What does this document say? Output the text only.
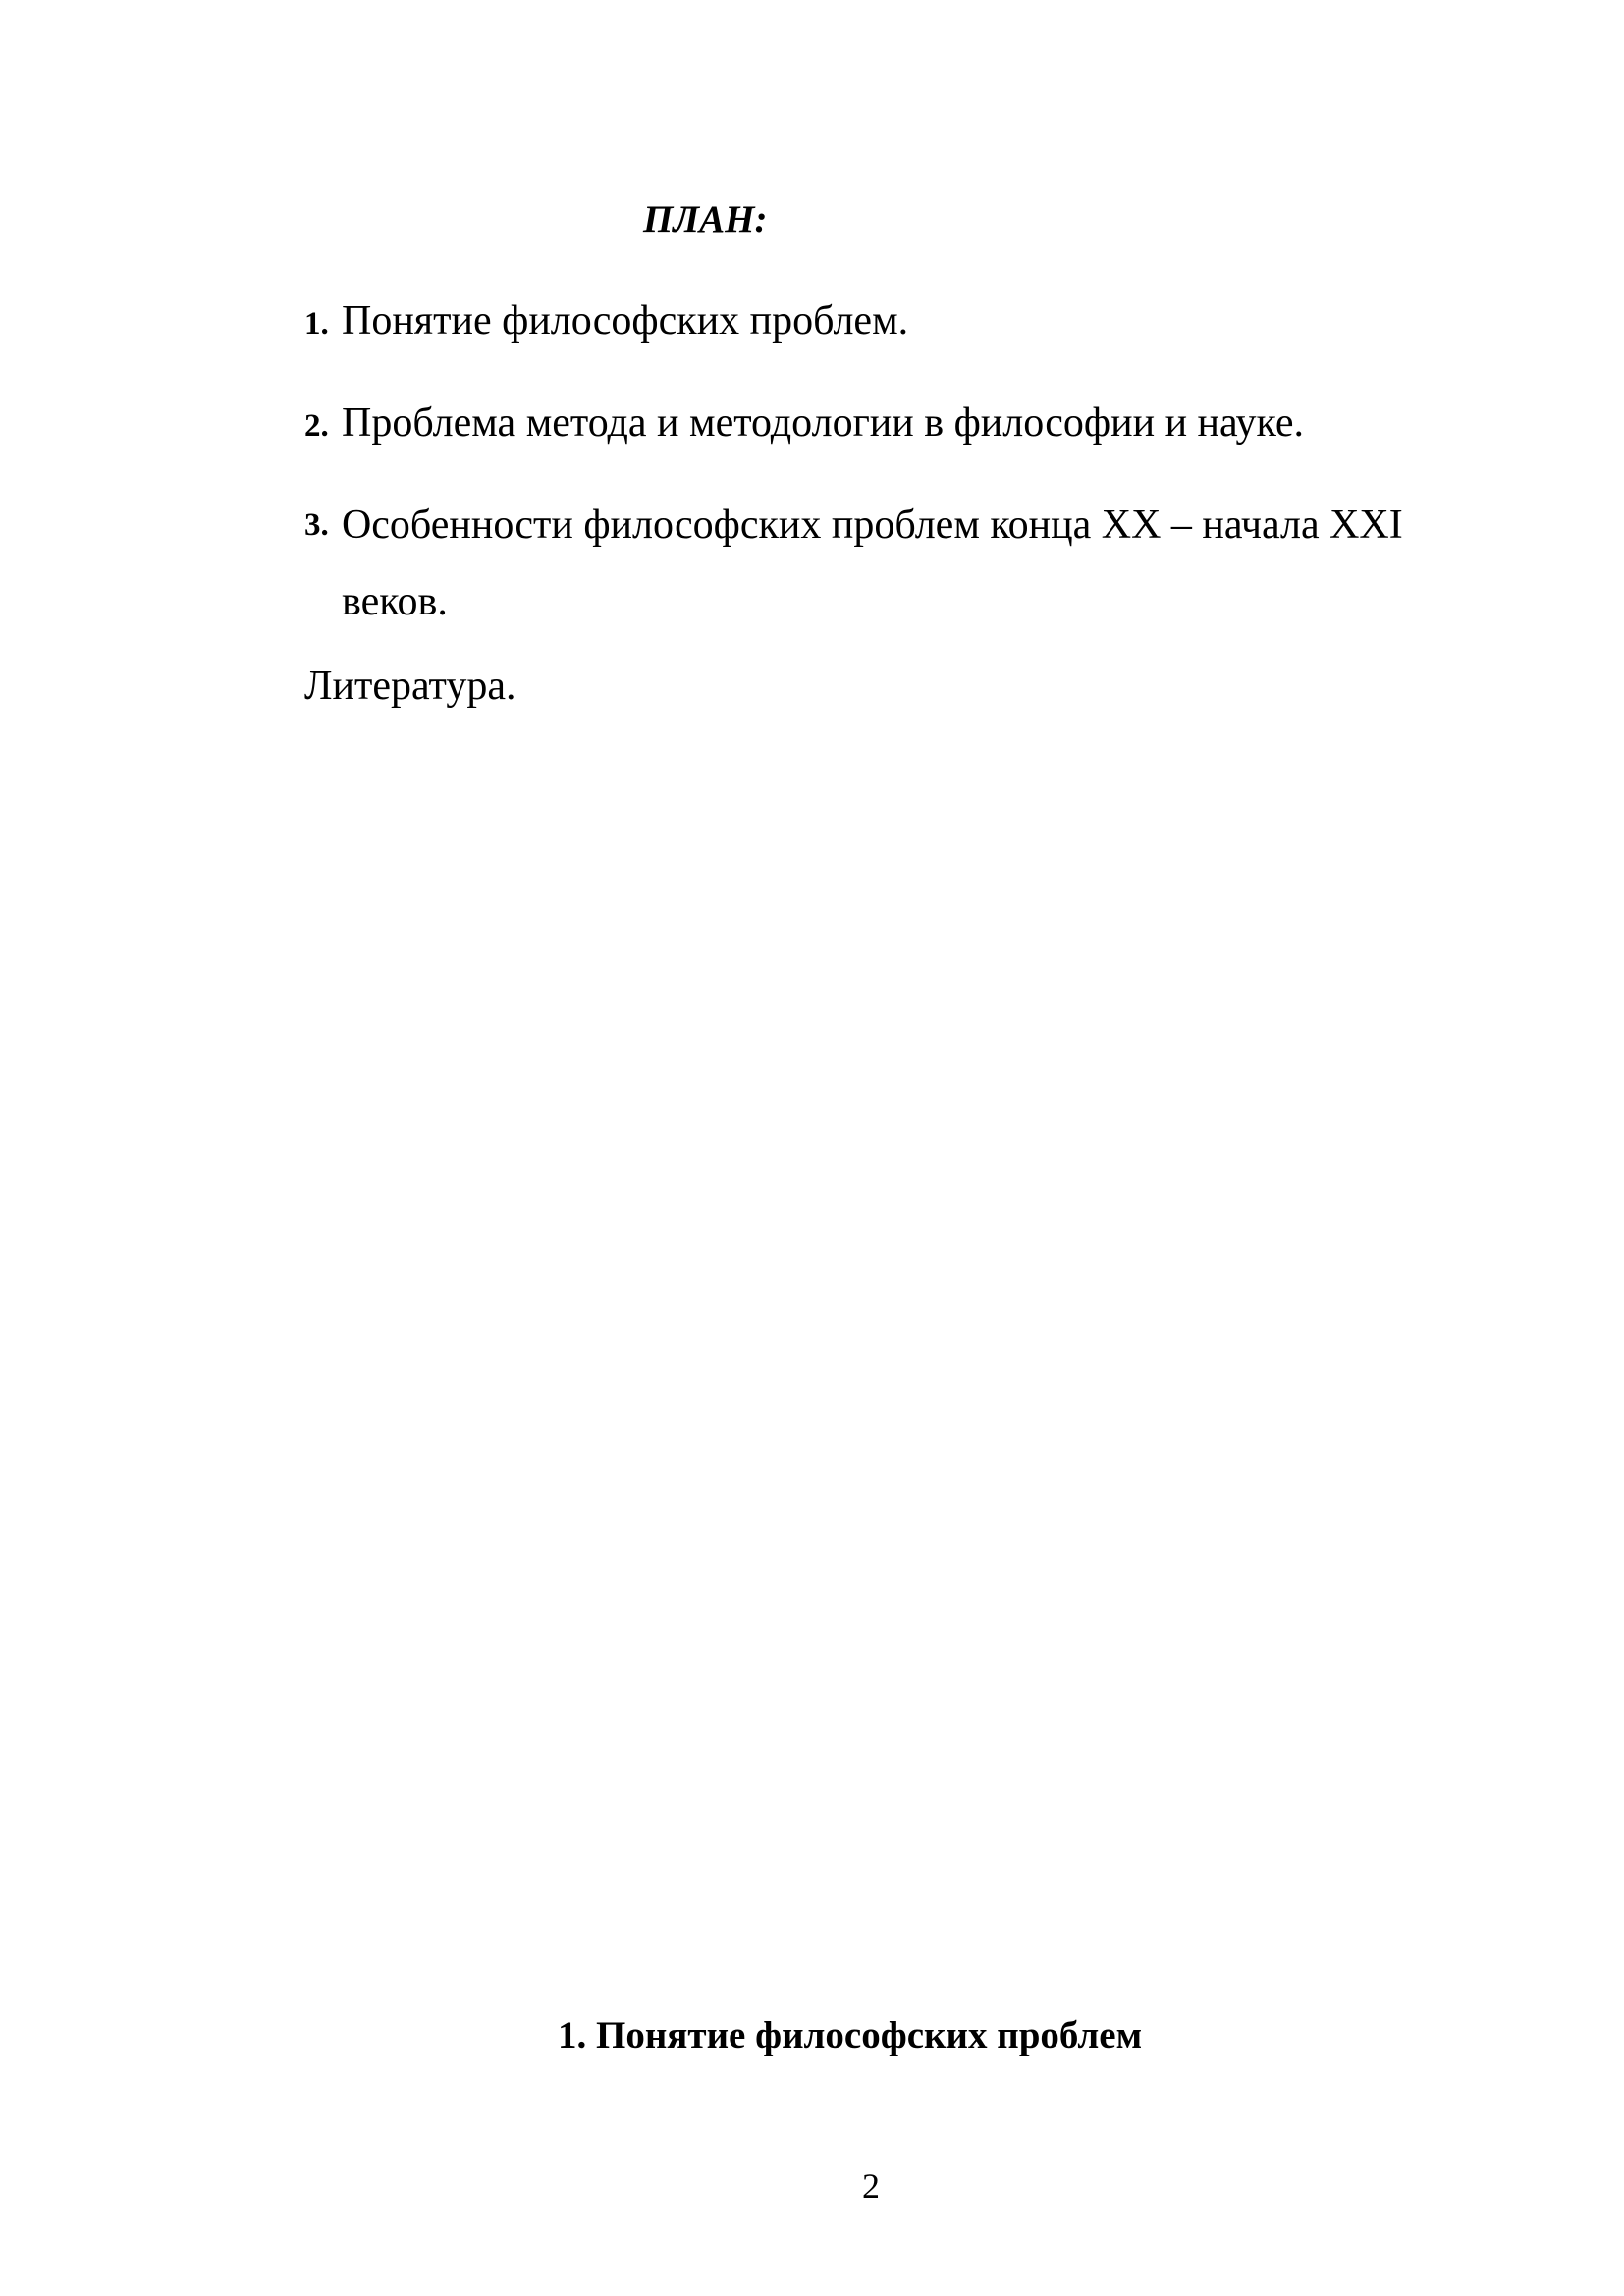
ПЛАН:
1. Понятие философских проблем.
2. Проблема метода и методологии в философии и науке.
3. Особенности философских проблем конца XX – начала XXI
веков.
Литература.
1. Понятие философских проблем
2
